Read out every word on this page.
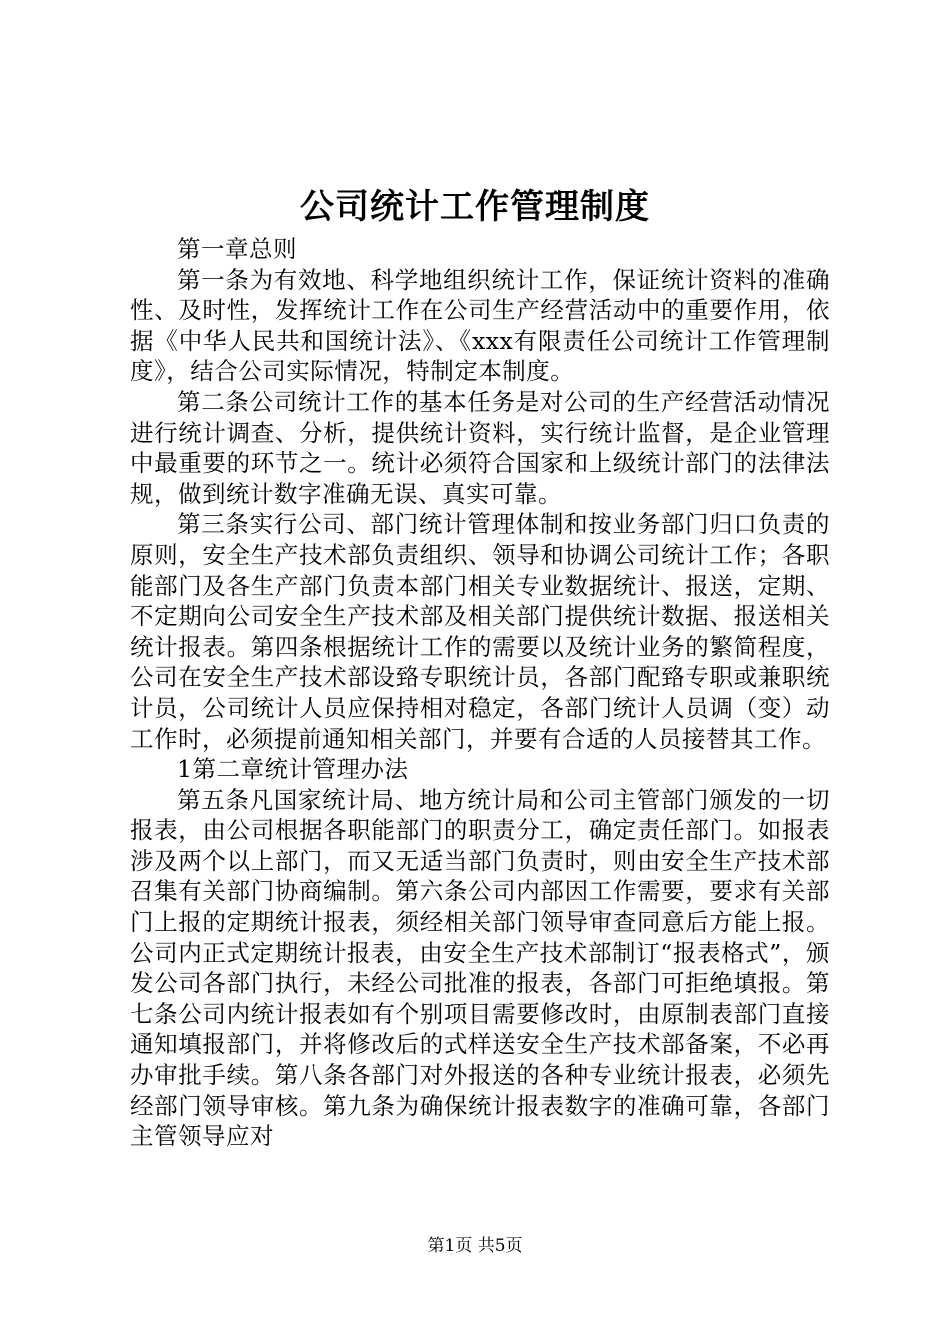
公司统计工作管理制度

第一章总则

第一条为有效地、科学地组织统计工作，保证统计资料的准确性、及时性，发挥统计工作在公司生产经营活动中的重要作用，依据《中华人民共和国统计法》、《xxx有限责任公司统计工作管理制度》，结合公司实际情况，特制定本制度。

第二条公司统计工作的基本任务是对公司的生产经营活动情况进行统计调查、分析，提供统计资料，实行统计监督，是企业管理中最重要的环节之一。统计必须符合国家和上级统计部门的法律法规，做到统计数字准确无误、真实可靠。

第三条实行公司、部门统计管理体制和按业务部门归口负责的原则，安全生产技术部负责组织、领导和协调公司统计工作；各职能部门及各生产部门负责本部门相关专业数据统计、报送，定期、不定期向公司安全生产技术部及相关部门提供统计数据、报送相关统计报表。第四条根据统计工作的需要以及统计业务的繁简程度，公司在安全生产技术部设臵专职统计员，各部门配臵专职或兼职统计员，公司统计人员应保持相对稳定，各部门统计人员调（变）动工作时，必须提前通知相关部门，并要有合适的人员接替其工作。

1第二章统计管理办法

第五条凡国家统计局、地方统计局和公司主管部门颁发的一切报表，由公司根据各职能部门的职责分工，确定责任部门。如报表涉及两个以上部门，而又无适当部门负责时，则由安全生产技术部召集有关部门协商编制。第六条公司内部因工作需要，要求有关部门上报的定期统计报表，须经相关部门领导审查同意后方能上报。公司内正式定期统计报表，由安全生产技术部制订“报表格式”，颁发公司各部门执行，未经公司批准的报表，各部门可拒绝填报。第七条公司内统计报表如有个别项目需要修改时，由原制表部门直接通知填报部门，并将修改后的式样送安全生产技术部备案，不必再办审批手续。第八条各部门对外报送的各种专业统计报表，必须先经部门领导审核。第九条为确保统计报表数字的准确可靠，各部门主管领导应对

第1页 共5页
